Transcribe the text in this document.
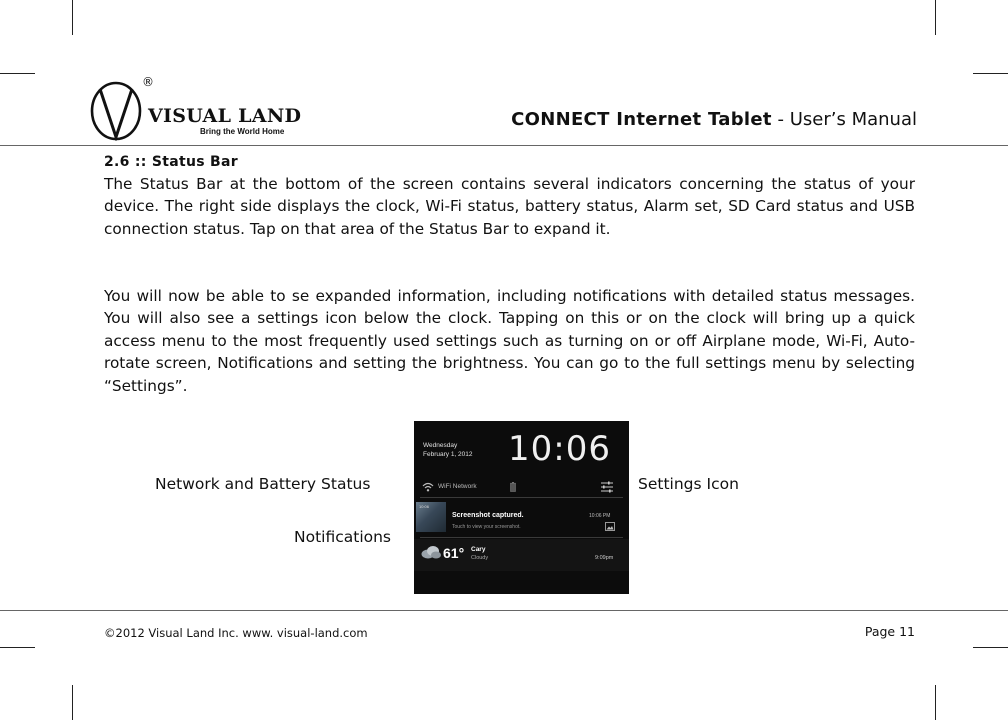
®
VISUAL LAND
Bring the World Home
CONNECT Internet Tablet - User’s Manual
2.6 :: Status Bar

The Status Bar at the bottom of the screen contains several indicators concerning the status of your device. The right side displays the clock, Wi-Fi status, battery status, Alarm set, SD Card status and USB connection status. Tap on that area of the Status Bar to expand it.

You will now be able to se expanded information, including notifications with detailed status messages. You will also see a settings icon below the clock. Tapping on this or on the clock will bring up a quick access menu to the most frequently used settings such as turning on or off Airplane mode, Wi-Fi, Auto-rotate screen, Notifications and setting the brightness. You can go to the full settings menu by selecting “Settings”.

Network and Battery Status
Notifications
Settings Icon
Wednesday
February 1, 2012 10:06
WiFi Network
10:06
Screenshot captured.
Touch to view your screenshot.
10:06 PM
61° Cary
Cloudy	9:09pm
©2012 Visual Land Inc. www. visual-land.com	Page 11
